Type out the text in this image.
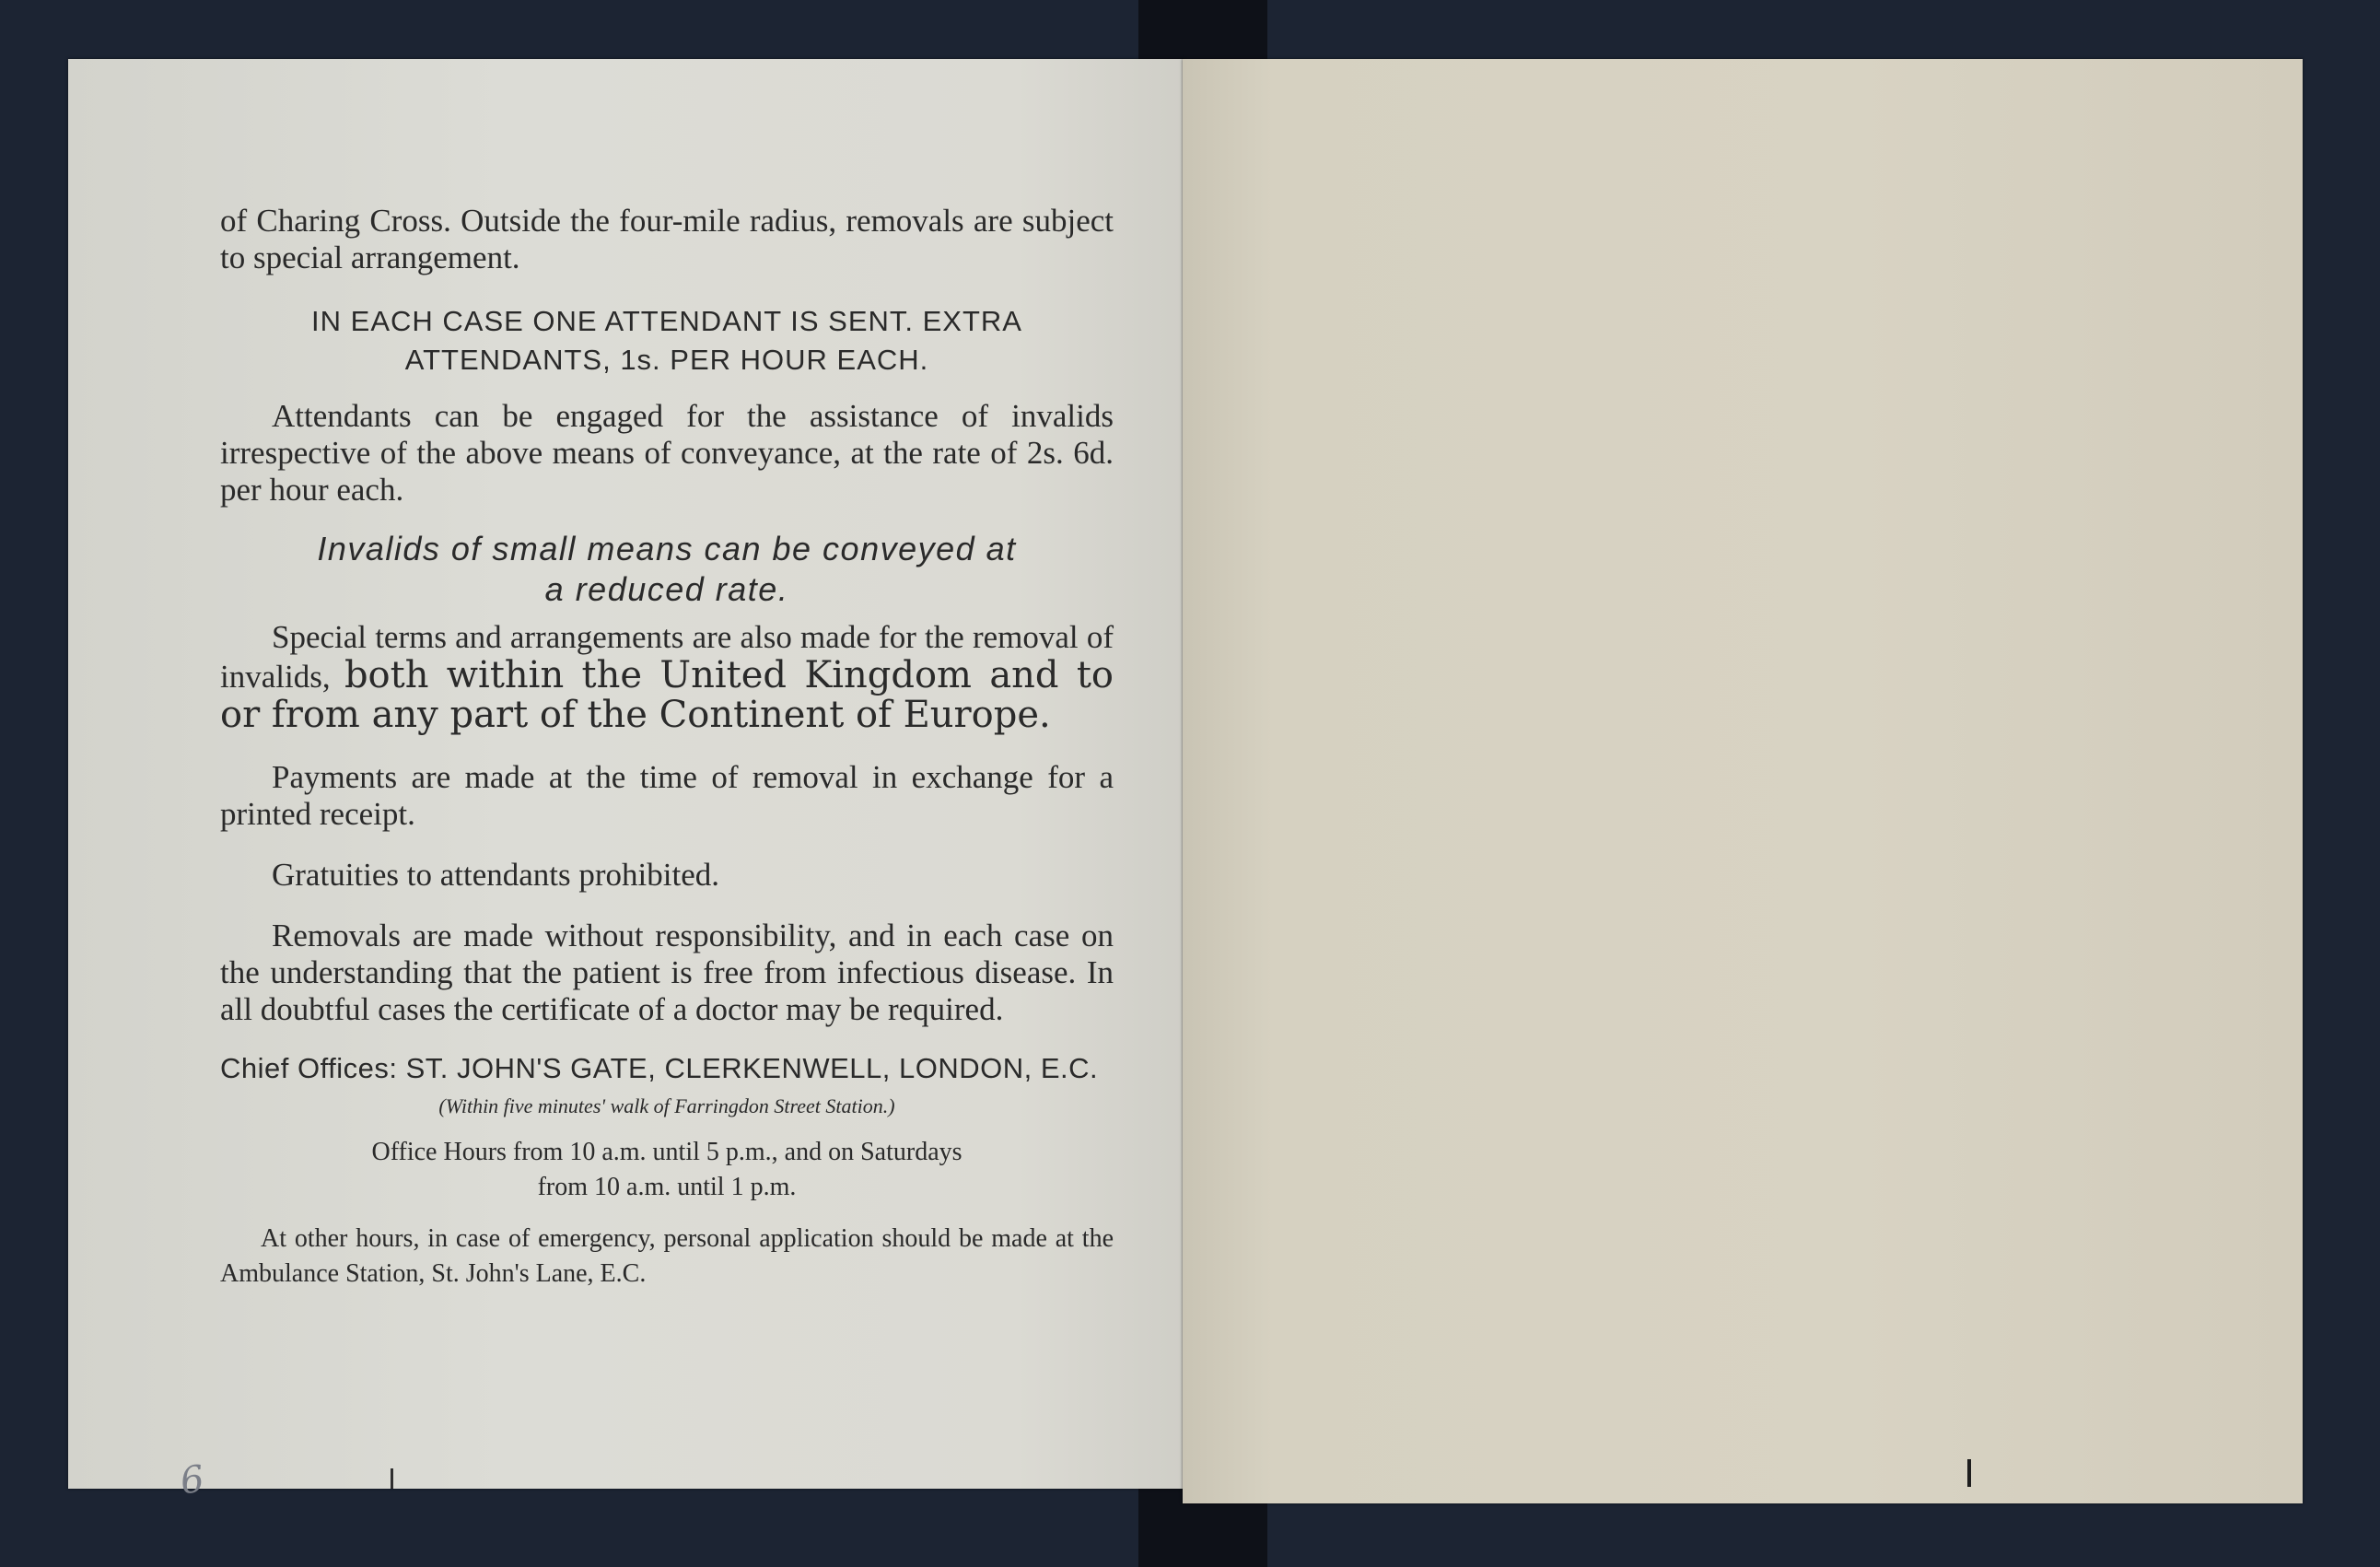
of Charing Cross. Outside the four-mile radius, removals are subject to special arrangement.

IN EACH CASE ONE ATTENDANT IS SENT. EXTRA
ATTENDANTS, 1s. PER HOUR EACH.

Attendants can be engaged for the assistance of invalids irrespective of the above means of conveyance, at the rate of 2s. 6d. per hour each.

Invalids of small means can be conveyed at
a reduced rate.

Special terms and arrangements are also made for the removal of invalids, both within the United Kingdom and to or from any part of the Continent of Europe.

Payments are made at the time of removal in exchange for a printed receipt.

Gratuities to attendants prohibited.

Removals are made without responsibility, and in each case on the understanding that the patient is free from infectious disease. In all doubtful cases the certificate of a doctor may be required.

Chief Offices: ST. JOHN'S GATE, CLERKENWELL, LONDON, E.C.

(Within five minutes' walk of Farringdon Street Station.)

Office Hours from 10 a.m. until 5 p.m., and on Saturdays
from 10 a.m. until 1 p.m.

At other hours, in case of emergency, personal application should be made at the Ambulance Station, St. John's Lane, E.C.

6
